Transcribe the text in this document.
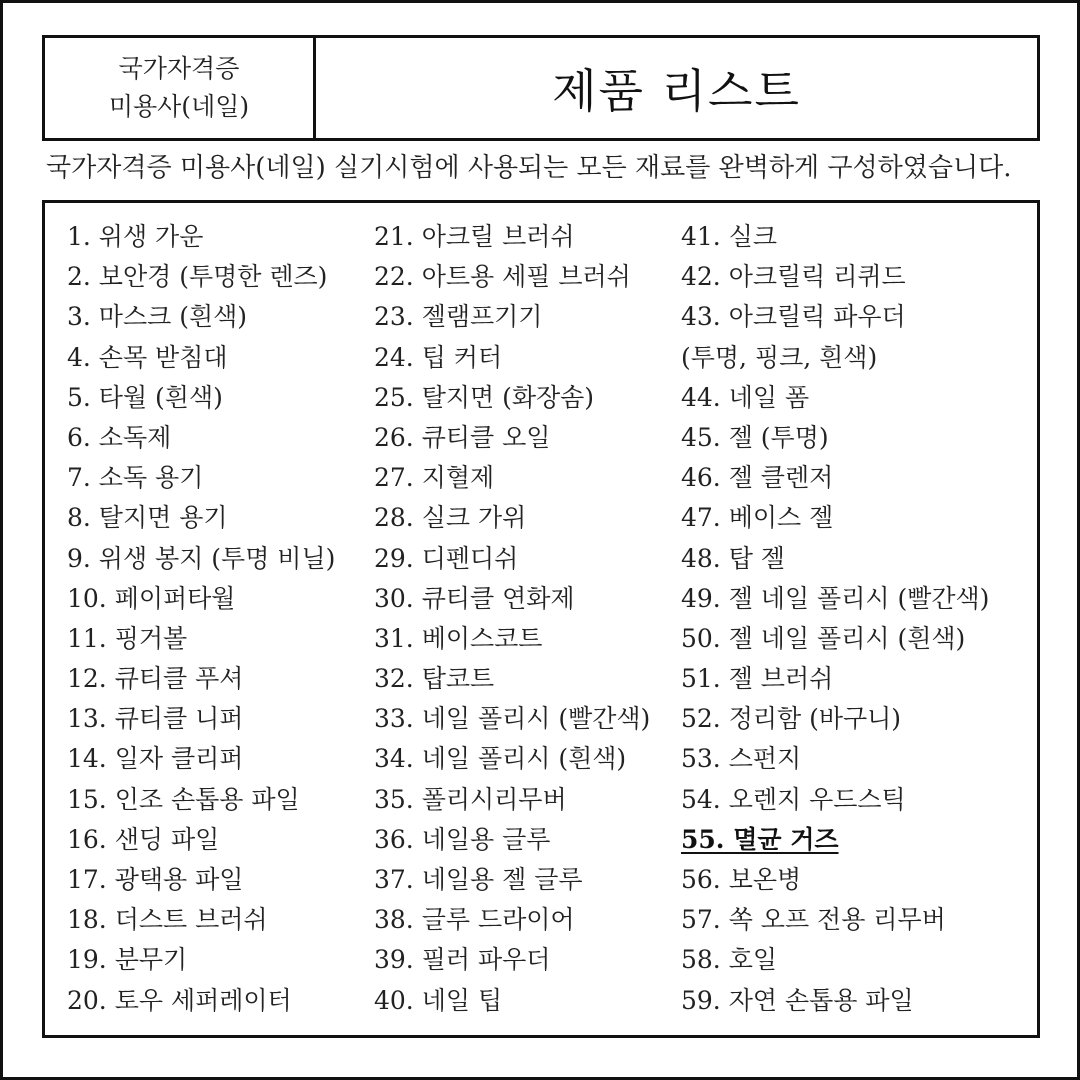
국가자격증
미용사(네일)	제품 리스트
국가자격증 미용사(네일) 실기시험에 사용되는 모든 재료를 완벽하게 구성하였습니다.
1. 위생 가운
2. 보안경 (투명한 렌즈)
3. 마스크 (흰색)
4. 손목 받침대
5. 타월 (흰색)
6. 소독제
7. 소독 용기
8. 탈지면 용기
9. 위생 봉지 (투명 비닐)
10. 페이퍼타월
11. 핑거볼
12. 큐티클 푸셔
13. 큐티클 니퍼
14. 일자 클리퍼
15. 인조 손톱용 파일
16. 샌딩 파일
17. 광택용 파일
18. 더스트 브러쉬
19. 분무기
20. 토우 세퍼레이터
21. 아크릴 브러쉬
22. 아트용 세필 브러쉬
23. 젤램프기기
24. 팁 커터
25. 탈지면 (화장솜)
26. 큐티클 오일
27. 지혈제
28. 실크 가위
29. 디펜디쉬
30. 큐티클 연화제
31. 베이스코트
32. 탑코트
33. 네일 폴리시 (빨간색)
34. 네일 폴리시 (흰색)
35. 폴리시리무버
36. 네일용 글루
37. 네일용 젤 글루
38. 글루 드라이어
39. 필러 파우더
40. 네일 팁
41. 실크
42. 아크릴릭 리퀴드
43. 아크릴릭 파우더
(투명, 핑크, 흰색)
44. 네일 폼
45. 젤 (투명)
46. 젤 클렌저
47. 베이스 젤
48. 탑 젤
49. 젤 네일 폴리시 (빨간색)
50. 젤 네일 폴리시 (흰색)
51. 젤 브러쉬
52. 정리함 (바구니)
53. 스펀지
54. 오렌지 우드스틱
55. 멸균 거즈
56. 보온병
57. 쏙 오프 전용 리무버
58. 호일
59. 자연 손톱용 파일
